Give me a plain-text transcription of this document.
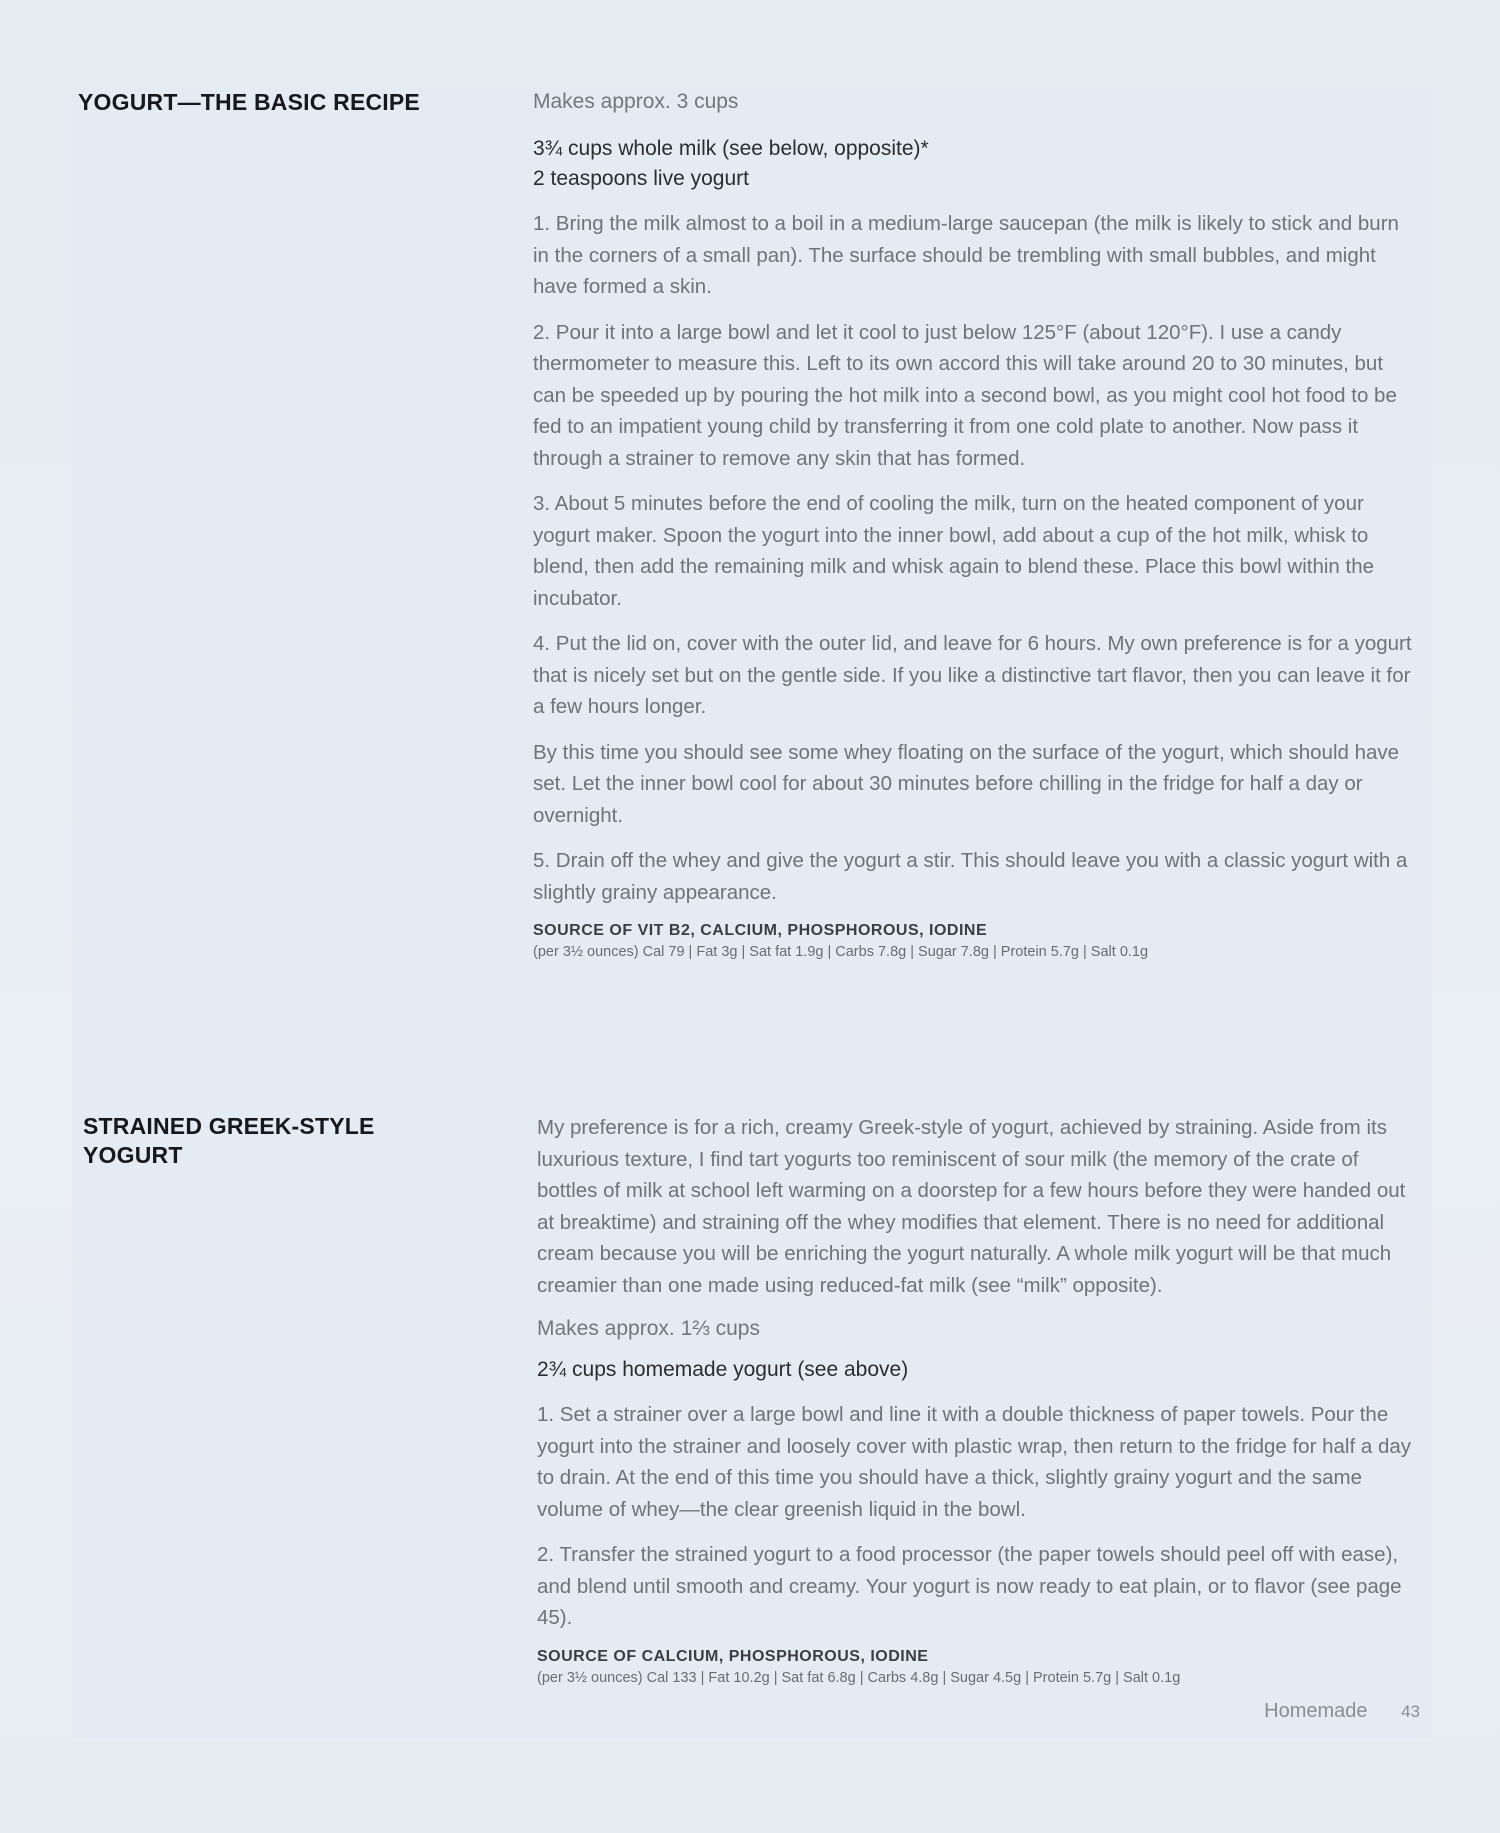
YOGURT—THE BASIC RECIPE	Makes approx. 3 cups

3¾ cups whole milk (see below, opposite)*
2 teaspoons live yogurt

1. Bring the milk almost to a boil in a medium-large saucepan (the milk is likely to stick and burn in the corners of a small pan). The surface should be trembling with small bubbles, and might have formed a skin.

2. Pour it into a large bowl and let it cool to just below 125°F (about 120°F). I use a candy thermometer to measure this. Left to its own accord this will take around 20 to 30 minutes, but can be speeded up by pouring the hot milk into a second bowl, as you might cool hot food to be fed to an impatient young child by transferring it from one cold plate to another. Now pass it through a strainer to remove any skin that has formed.

3. About 5 minutes before the end of cooling the milk, turn on the heated component of your yogurt maker. Spoon the yogurt into the inner bowl, add about a cup of the hot milk, whisk to blend, then add the remaining milk and whisk again to blend these. Place this bowl within the incubator.

4. Put the lid on, cover with the outer lid, and leave for 6 hours. My own preference is for a yogurt that is nicely set but on the gentle side. If you like a distinctive tart flavor, then you can leave it for a few hours longer.

By this time you should see some whey floating on the surface of the yogurt, which should have set. Let the inner bowl cool for about 30 minutes before chilling in the fridge for half a day or overnight.

5. Drain off the whey and give the yogurt a stir. This should leave you with a classic yogurt with a slightly grainy appearance.

SOURCE OF VIT B2, CALCIUM, PHOSPHOROUS, IODINE
(per 3½ ounces) Cal 79 | Fat 3g | Sat fat 1.9g | Carbs 7.8g | Sugar 7.8g | Protein 5.7g | Salt 0.1g
STRAINED GREEK-STYLE YOGURT

My preference is for a rich, creamy Greek-style of yogurt, achieved by straining. Aside from its luxurious texture, I find tart yogurts too reminiscent of sour milk (the memory of the crate of bottles of milk at school left warming on a doorstep for a few hours before they were handed out at breaktime) and straining off the whey modifies that element. There is no need for additional cream because you will be enriching the yogurt naturally. A whole milk yogurt will be that much creamier than one made using reduced-fat milk (see “milk” opposite).

Makes approx. 1⅔ cups

2¾ cups homemade yogurt (see above)

1. Set a strainer over a large bowl and line it with a double thickness of paper towels. Pour the yogurt into the strainer and loosely cover with plastic wrap, then return to the fridge for half a day to drain. At the end of this time you should have a thick, slightly grainy yogurt and the same volume of whey—the clear greenish liquid in the bowl.

2. Transfer the strained yogurt to a food processor (the paper towels should peel off with ease), and blend until smooth and creamy. Your yogurt is now ready to eat plain, or to flavor (see page 45).

SOURCE OF CALCIUM, PHOSPHOROUS, IODINE
(per 3½ ounces) Cal 133 | Fat 10.2g | Sat fat 6.8g | Carbs 4.8g | Sugar 4.5g | Protein 5.7g | Salt 0.1g
Homemade 43
